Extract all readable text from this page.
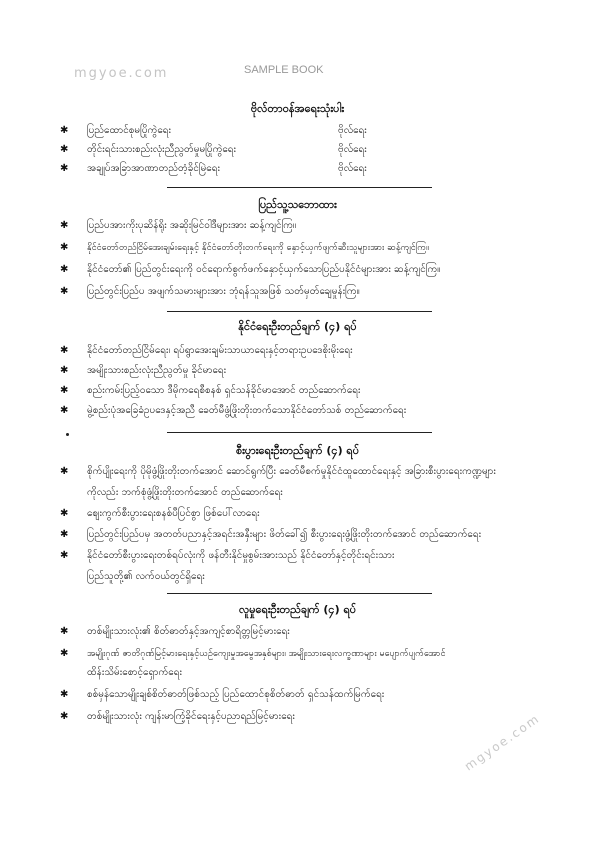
mgyoe.com	SAMPLE BOOK
ဗိုလ်တာဝန်အရေးသုံးပါး
✱ ပြည်ထောင်စုမပြိုကွဲရေး	ဗိုလ်ရေး
✱ တိုင်းရင်းသားစည်းလုံးညီညွတ်မှုမပြိုကွဲရေး	ဗိုလ်ရေး
✱ အချုပ်အခြာအာဏာတည်တံ့ခိုင်မြဲရေး	ဗိုလ်ရေး
ပြည်သူ့သဘောထား
✱ ပြည်ပအားကိုးပုဆိန်ရိုး အဆိုးမြင်ဝါဒီများအား ဆန့်ကျင်ကြ။
✱ နိုင်ငံတော်တည်ငြိမ်အေးချမ်းရေးနှင့် နိုင်ငံတော်တိုးတက်ရေးကို နှောင့်ယှက်ဖျက်ဆီးသူများအား ဆန့်ကျင်ကြ။
✱ နိုင်ငံတော်၏ ပြည်တွင်းရေးကို ဝင်ရောက်စွက်ဖက်နှောင့်ယှက်သောပြည်ပနိုင်ငံများအား ဆန့်ကျင်ကြ။
✱ ပြည်တွင်းပြည်ပ အဖျက်သမားများအား ဘုံရန်သူအဖြစ် သတ်မှတ်ချေမှုန်းကြ။
နိုင်ငံရေးဦးတည်ချက် (၄) ရပ်
✱ နိုင်ငံတော်တည်ငြိမ်ရေး၊ ရပ်ရွာအေးချမ်းသာယာရေးနှင့်တရားဥပဒေစိုးမိုးရေး
✱ အမျိုးသားစည်းလုံးညီညွတ်မှု ခိုင်မာရေး
✱ စည်းကမ်းပြည့်ဝသော ဒီမိုကရေစီစနစ် ရှင်သန်ခိုင်မာအောင် တည်ဆောက်ရေး
✱ မွဲ့စည်းပုံအခြေခံဥပဒေနှင့်အညီ ခေတ်မီဖွံ့ဖြိုးတိုးတက်သောနိုင်ငံတော်သစ် တည်ဆောက်ရေး
စီးပွားရေးဦးတည်ချက် (၄) ရပ်
✱ စိုက်ပျိုးရေးကို ပိုမိုဖွံ့ဖြိုးတိုးတက်အောင် ဆောင်ရွက်ပြီး ခေတ်မီစက်မှုနိုင်ငံထူထောင်ရေးနှင့် အခြားစီးပွားရေးကဏ္ဍများ
ကိုလည်း ဘက်စုံဖွံ့ဖြိုးတိုးတက်အောင် တည်ဆောက်ရေး
✱ ဈေးကွက်စီးပွားရေးစနစ်ပီပြင်စွာ ဖြစ်ပေါ်လာရေး
✱ ပြည်တွင်းပြည်ပမှ အတတ်ပညာနှင့်အရင်းအနှီးများ ဖိတ်ခေါ်၍ စီးပွားရေးဖွံ့ဖြိုးတိုးတက်အောင် တည်ဆောက်ရေး
✱ နိုင်ငံတော်စီးပွားရေးတစ်ရပ်လုံးကို ဖန်တီးနိုင်မှုစွမ်းအားသည် နိုင်ငံတော်နှင့်တိုင်းရင်းသား
ပြည်သူတို့၏ လက်ဝယ်တွင်ရှိရေး
လူမှုရေးဦးတည်ချက် (၄) ရပ်
✱ တစ်မျိုးသားလုံး၏ စိတ်ဓာတ်နှင့်အကျင့်စာရိတ္တမြင့်မားရေး
✱ အမျိုးဂုဏ် ဇာတိဂုဏ်မြင့်မားရေးနှင့်ယဉ်ကျေးမှုအမွေအနှစ်များ၊ အမျိုးသားရေးလက္ခဏာများ မပျောက်ပျက်အောင်
ထိန်းသိမ်းစောင့်ရှောက်ရေး
✱ စစ်မှန်သောမျိုးချစ်စိတ်ဓာတ်ဖြစ်သည့် ပြည်ထောင်စုစိတ်ဓာတ် ရှင်သန်ထက်မြက်ရေး
✱ တစ်မျိုးသားလုံး ကျန်းမာကြံ့ခိုင်ရေးနှင့်ပညာရည်မြင့်မားရေး	mgyoe.com
